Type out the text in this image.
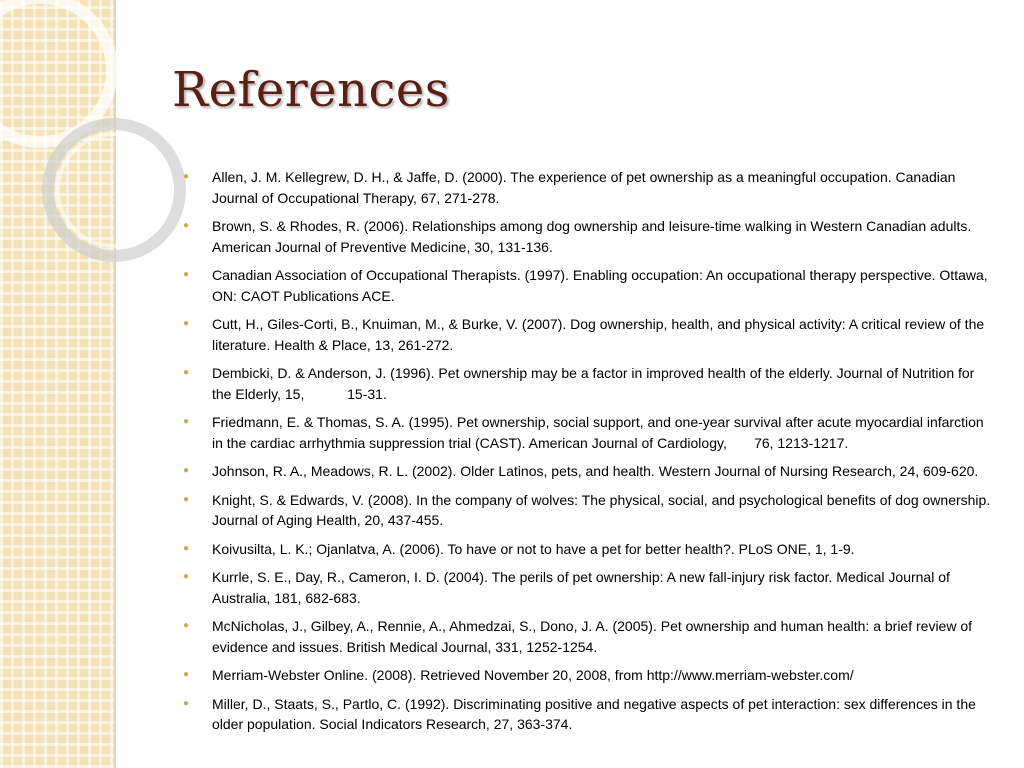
References
● Allen, J. M. Kellegrew, D. H., & Jaffe, D. (2000). The experience of pet ownership as a meaningful occupation. Canadian Journal of Occupational Therapy, 67, 271-278.
● Brown, S. & Rhodes, R. (2006). Relationships among dog ownership and leisure-time walking in Western Canadian adults. American Journal of Preventive Medicine, 30, 131-136.
● Canadian Association of Occupational Therapists. (1997). Enabling occupation: An occupational therapy perspective. Ottawa, ON: CAOT Publications ACE.
● Cutt, H., Giles-Corti, B., Knuiman, M., & Burke, V. (2007). Dog ownership, health, and physical activity: A critical review of the literature. Health & Place, 13, 261-272.
● Dembicki, D. & Anderson, J. (1996). Pet ownership may be a factor in improved health of the elderly. Journal of Nutrition for the Elderly, 15,           15-31.
● Friedmann, E. & Thomas, S. A. (1995). Pet ownership, social support, and one-year survival after acute myocardial infarction in the cardiac arrhythmia suppression trial (CAST). American Journal of Cardiology,       76, 1213-1217.
● Johnson, R. A., Meadows, R. L. (2002). Older Latinos, pets, and health. Western Journal of Nursing Research, 24, 609-620.
● Knight, S. & Edwards, V. (2008). In the company of wolves: The physical, social, and psychological benefits of dog ownership. Journal of Aging Health, 20, 437-455.
● Koivusilta, L. K.; Ojanlatva, A. (2006). To have or not to have a pet for better health?. PLoS ONE, 1, 1-9.
● Kurrle, S. E., Day, R., Cameron, I. D. (2004). The perils of pet ownership: A new fall-injury risk factor. Medical Journal of Australia, 181, 682-683.
● McNicholas, J., Gilbey, A., Rennie, A., Ahmedzai, S., Dono, J. A. (2005). Pet ownership and human health: a brief review of evidence and issues. British Medical Journal, 331, 1252-1254.
● Merriam-Webster Online. (2008). Retrieved November 20, 2008, from http://www.merriam-webster.com/
● Miller, D., Staats, S., Partlo, C. (1992). Discriminating positive and negative aspects of pet interaction: sex differences in the older population. Social Indicators Research, 27, 363-374.
